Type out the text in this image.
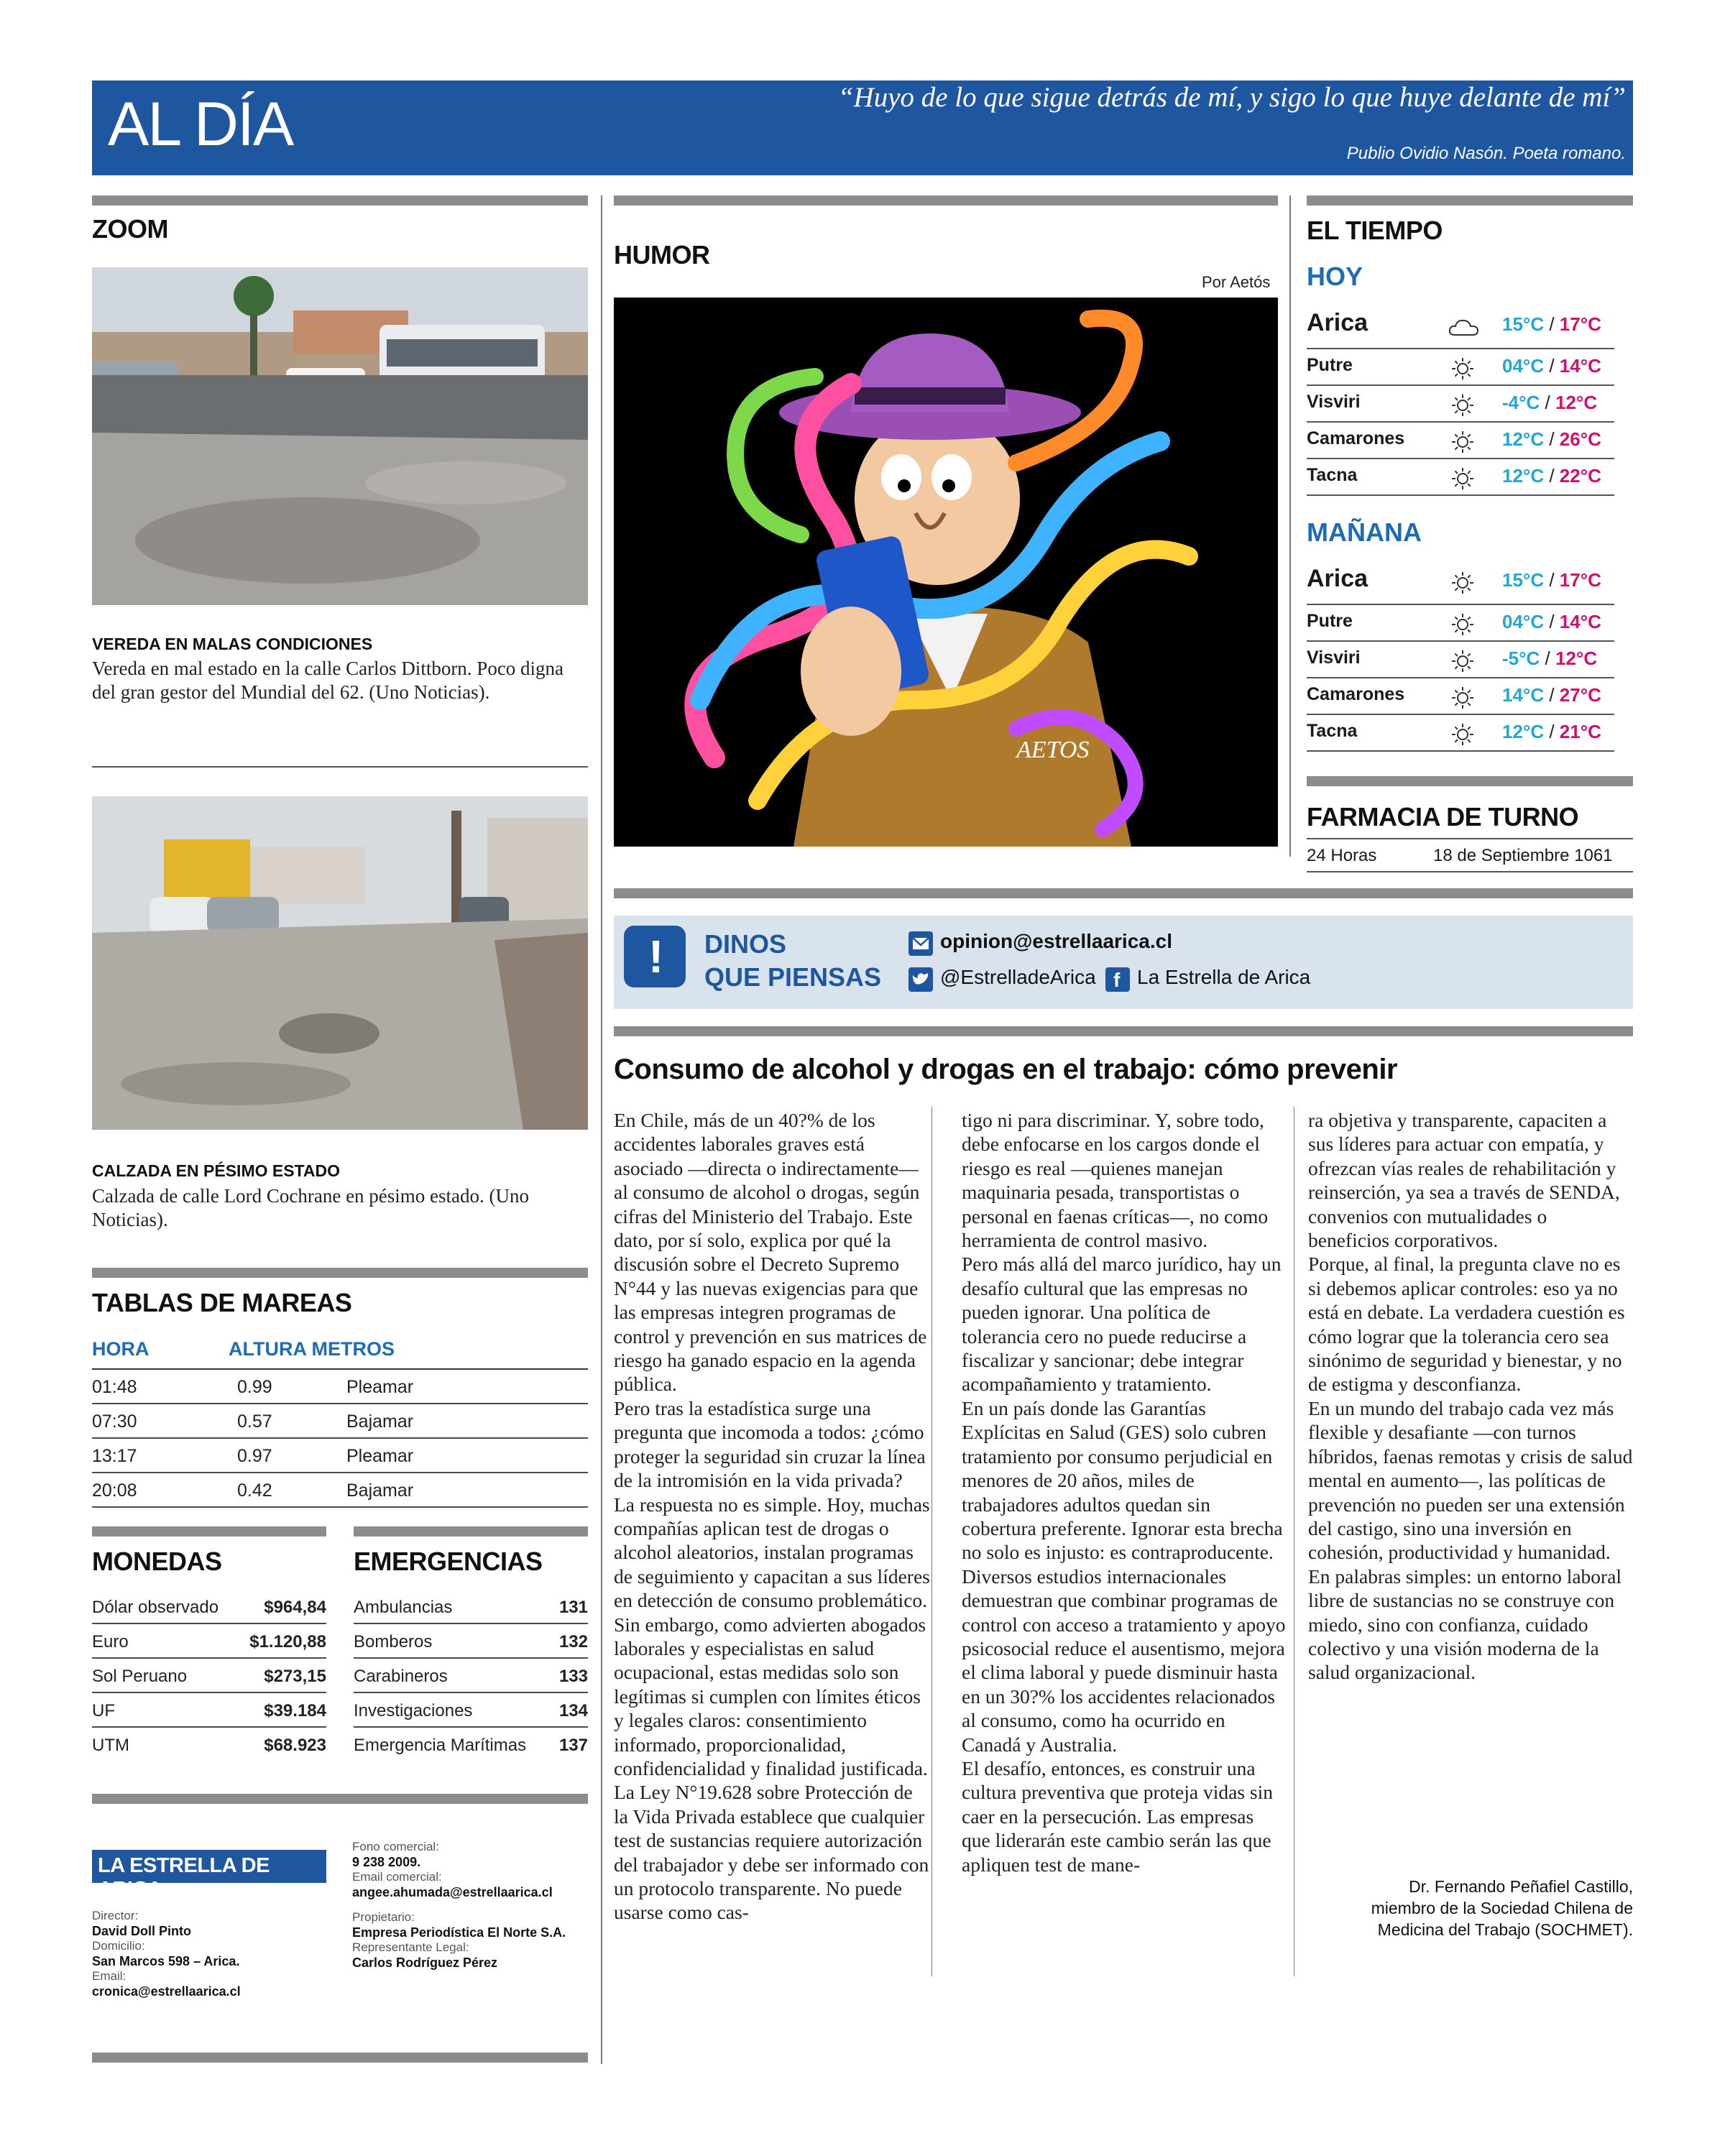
AL DÍA	“Huyo de lo que sigue detrás de mí, y sigo lo que huye delante de mí”
Publio Ovidio Nasón. Poeta romano.
ZOOM
VEREDA EN MALAS CONDICIONES
Vereda en mal estado en la calle Carlos Dittborn. Poco digna del gran gestor del Mundial del 62. (Uno Noticias).
CALZADA EN PÉSIMO ESTADO
Calzada de calle Lord Cochrane en pésimo estado. (Uno Noticias).
TABLAS DE MAREAS
HORA	ALTURA METROS
01:48	0.99	Pleamar
07:30	0.57	Bajamar
13:17	0.97	Pleamar
20:08	0.42	Bajamar
MONEDAS
Dólar observado	$964,84
Euro	$1.120,88
Sol Peruano	$273,15
UF	$39.184
UTM	$68.923
EMERGENCIAS
Ambulancias	131
Bomberos	132
Carabineros	133
Investigaciones	134
Emergencia Marítimas 137
LA ESTRELLA DE ARICA
Director:
David Doll Pinto
Domicilio:
San Marcos 598 – Arica.
Email:
cronica@estrellaarica.cl
Fono comercial:
9 238 2009.
Email comercial:
angee.ahumada@estrellaarica.cl
Propietario:
Empresa Periodística El Norte S.A.
Representante Legal:
Carlos Rodríguez Pérez
HUMOR
Por Aetós
AETOS
EL TIEMPO
HOY
Arica	15°C / 17°C
Putre	04°C / 14°C
Visviri	-4°C / 12°C
Camarones	12°C / 26°C
Tacna	12°C / 22°C
MAÑANA
Arica	15°C / 17°C
Putre	04°C / 14°C
Visviri	-5°C / 12°C
Camarones	14°C / 27°C
Tacna	12°C / 21°C
FARMACIA DE TURNO
24 Horas	18 de Septiembre 1061
! DINOS
QUE PIENSAS
opinion@estrellaarica.cl
@EstrelladeArica f La Estrella de Arica
Consumo de alcohol y drogas en el trabajo: cómo prevenir

En Chile, más de un 40?% de los accidentes laborales graves está asociado —directa o indirectamente— al consumo de alcohol o drogas, según cifras del Ministerio del Trabajo. Este dato, por sí solo, explica por qué la discusión sobre el Decreto Supremo N°44 y las nuevas exigencias para que las empresas integren programas de control y prevención en sus matrices de riesgo ha ganado espacio en la agenda pública.

Pero tras la estadística surge una pregunta que incomoda a todos: ¿cómo proteger la seguridad sin cruzar la línea de la intromisión en la vida privada?

La respuesta no es simple. Hoy, muchas compañías aplican test de drogas o alcohol aleatorios, instalan programas de seguimiento y capacitan a sus líderes en detección de consumo problemático. Sin embargo, como advierten abogados laborales y especialistas en salud ocupacional, estas medidas solo son legítimas si cumplen con límites éticos y legales claros: consentimiento informado, proporcionalidad, confidencialidad y finalidad justificada.

La Ley N°19.628 sobre Protección de la Vida Privada establece que cualquier test de sustancias requiere autorización del trabajador y debe ser informado con un protocolo transparente. No puede usarse como cas-

tigo ni para discriminar. Y, sobre todo, debe enfocarse en los cargos donde el riesgo es real —quienes manejan maquinaria pesada, transportistas o personal en faenas críticas—, no como herramienta de control masivo.

Pero más allá del marco jurídico, hay un desafío cultural que las empresas no pueden ignorar. Una política de tolerancia cero no puede reducirse a fiscalizar y sancionar; debe integrar acompañamiento y tratamiento.

En un país donde las Garantías Explícitas en Salud (GES) solo cubren tratamiento por consumo perjudicial en menores de 20 años, miles de trabajadores adultos quedan sin cobertura preferente. Ignorar esta brecha no solo es injusto: es contraproducente.

Diversos estudios internacionales demuestran que combinar programas de control con acceso a tratamiento y apoyo psicosocial reduce el ausentismo, mejora el clima laboral y puede disminuir hasta en un 30?% los accidentes relacionados al consumo, como ha ocurrido en Canadá y Australia.

El desafío, entonces, es construir una cultura preventiva que proteja vidas sin caer en la persecución. Las empresas que liderarán este cambio serán las que apliquen test de mane-

ra objetiva y transparente, capaciten a sus líderes para actuar con empatía, y ofrezcan vías reales de rehabilitación y reinserción, ya sea a través de SENDA, convenios con mutualidades o beneficios corporativos.

Porque, al final, la pregunta clave no es si debemos aplicar controles: eso ya no está en debate. La verdadera cuestión es cómo lograr que la tolerancia cero sea sinónimo de seguridad y bienestar, y no de estigma y desconfianza.

En un mundo del trabajo cada vez más flexible y desafiante —con turnos híbridos, faenas remotas y crisis de salud mental en aumento—, las políticas de prevención no pueden ser una extensión del castigo, sino una inversión en cohesión, productividad y humanidad.

En palabras simples: un entorno laboral libre de sustancias no se construye con miedo, sino con confianza, cuidado colectivo y una visión moderna de la salud organizacional.

Dr. Fernando Peñafiel Castillo,
miembro de la Sociedad Chilena de
Medicina del Trabajo (SOCHMET).
